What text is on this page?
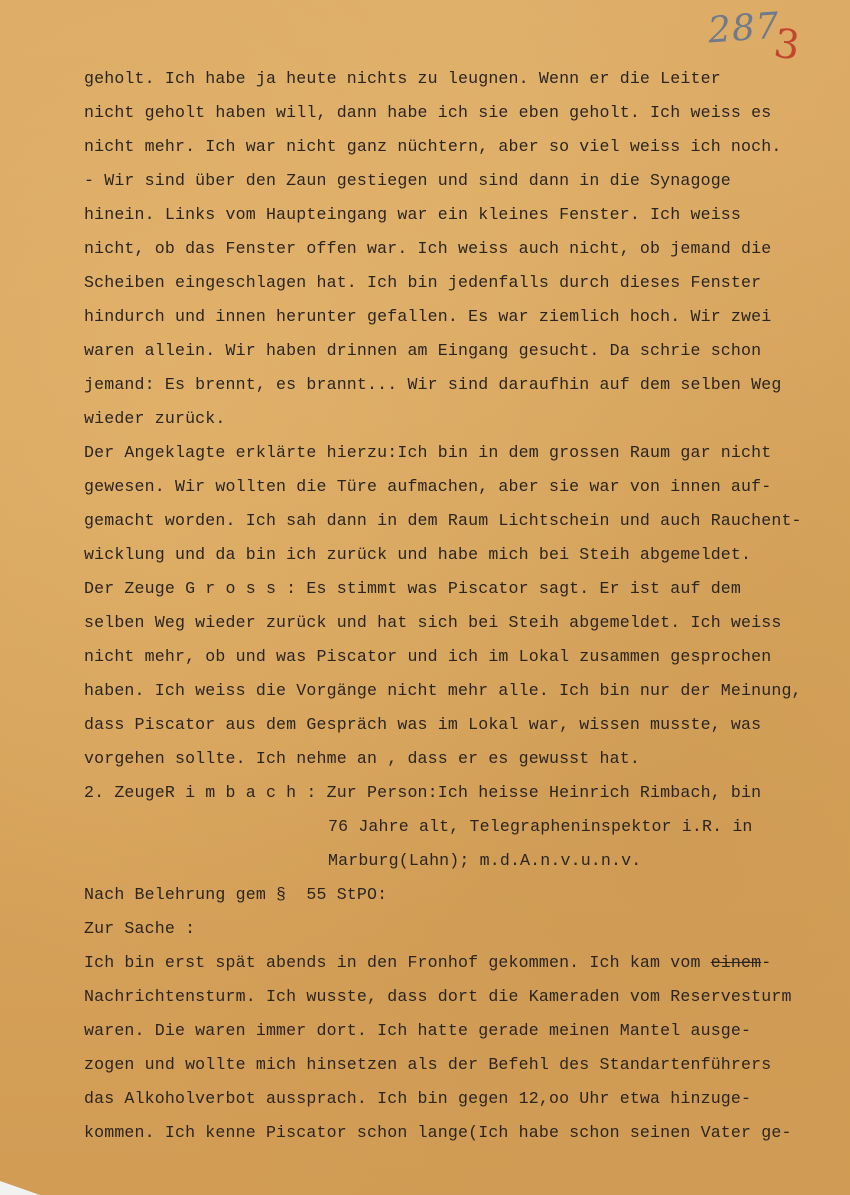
287
3
geholt. Ich habe ja heute nichts zu leugnen. Wenn er die Leiter
nicht geholt haben will, dann habe ich sie eben geholt. Ich weiss es
nicht mehr. Ich war nicht ganz nüchtern, aber so viel weiss ich noch.
- Wir sind über den Zaun gestiegen und sind dann in die Synagoge
hinein. Links vom Haupteingang war ein kleines Fenster. Ich weiss
nicht, ob das Fenster offen war. Ich weiss auch nicht, ob jemand die
Scheiben eingeschlagen hat. Ich bin jedenfalls durch dieses Fenster
hindurch und innen herunter gefallen. Es war ziemlich hoch. Wir zwei
waren allein. Wir haben drinnen am Eingang gesucht. Da schrie schon
jemand: Es brennt, es brannt... Wir sind daraufhin auf dem selben Weg
wieder zurück.
Der Angeklagte erklärte hierzu:Ich bin in dem grossen Raum gar nicht
gewesen. Wir wollten die Türe aufmachen, aber sie war von innen auf-
gemacht worden. Ich sah dann in dem Raum Lichtschein und auch Rauchent-
wicklung und da bin ich zurück und habe mich bei Steih abgemeldet.
Der Zeuge G r o s s : Es stimmt was Piscator sagt. Er ist auf dem
selben Weg wieder zurück und hat sich bei Steih abgemeldet. Ich weiss
nicht mehr, ob und was Piscator und ich im Lokal zusammen gesprochen
haben. Ich weiss die Vorgänge nicht mehr alle. Ich bin nur der Meinung,
dass Piscator aus dem Gespräch was im Lokal war, wissen musste, was
vorgehen sollte. Ich nehme an , dass er es gewusst hat.
2. ZeugeR i m b a c h : Zur Person:Ich heisse Heinrich Rimbach, bin
76 Jahre alt, Telegrapheninspektor i.R. in
Marburg(Lahn); m.d.A.n.v.u.n.v.
Nach Belehrung gem §  55 StPO:
Zur Sache :
Ich bin erst spät abends in den Fronhof gekommen. Ich kam vom einem-
Nachrichtensturm. Ich wusste, dass dort die Kameraden vom Reservesturm
waren. Die waren immer dort. Ich hatte gerade meinen Mantel ausge-
zogen und wollte mich hinsetzen als der Befehl des Standartenführers
das Alkoholverbot aussprach. Ich bin gegen 12,oo Uhr etwa hinzuge-
kommen. Ich kenne Piscator schon lange(Ich habe schon seinen Vater ge-
